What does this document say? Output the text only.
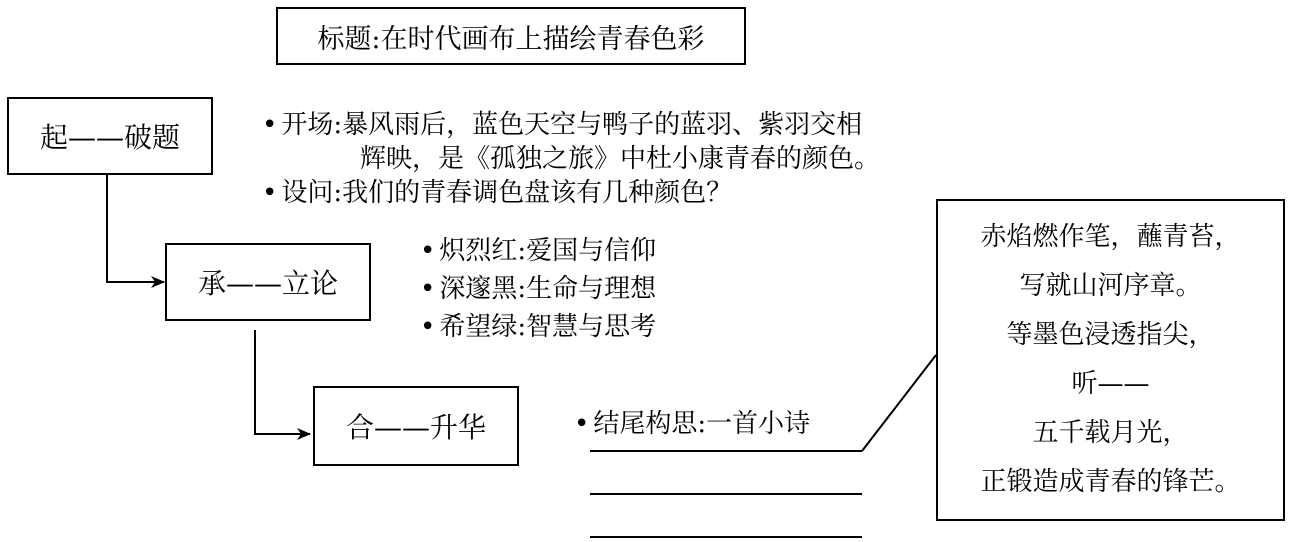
标题:在时代画布上描绘青春色彩
起——破题
承——立论
合——升华
• 开场:暴风雨后，蓝色天空与鸭子的蓝羽、紫羽交相
辉映，是《孤独之旅》中杜小康青春的颜色。
• 设问:我们的青春调色盘该有几种颜色？
• 炽烈红:爱国与信仰
• 深邃黑:生命与理想
• 希望绿:智慧与思考
• 结尾构思:一首小诗
赤焰燃作笔，蘸青苔，
写就山河序章。
等墨色浸透指尖，
听——
五千载月光，
正锻造成青春的锋芒。
